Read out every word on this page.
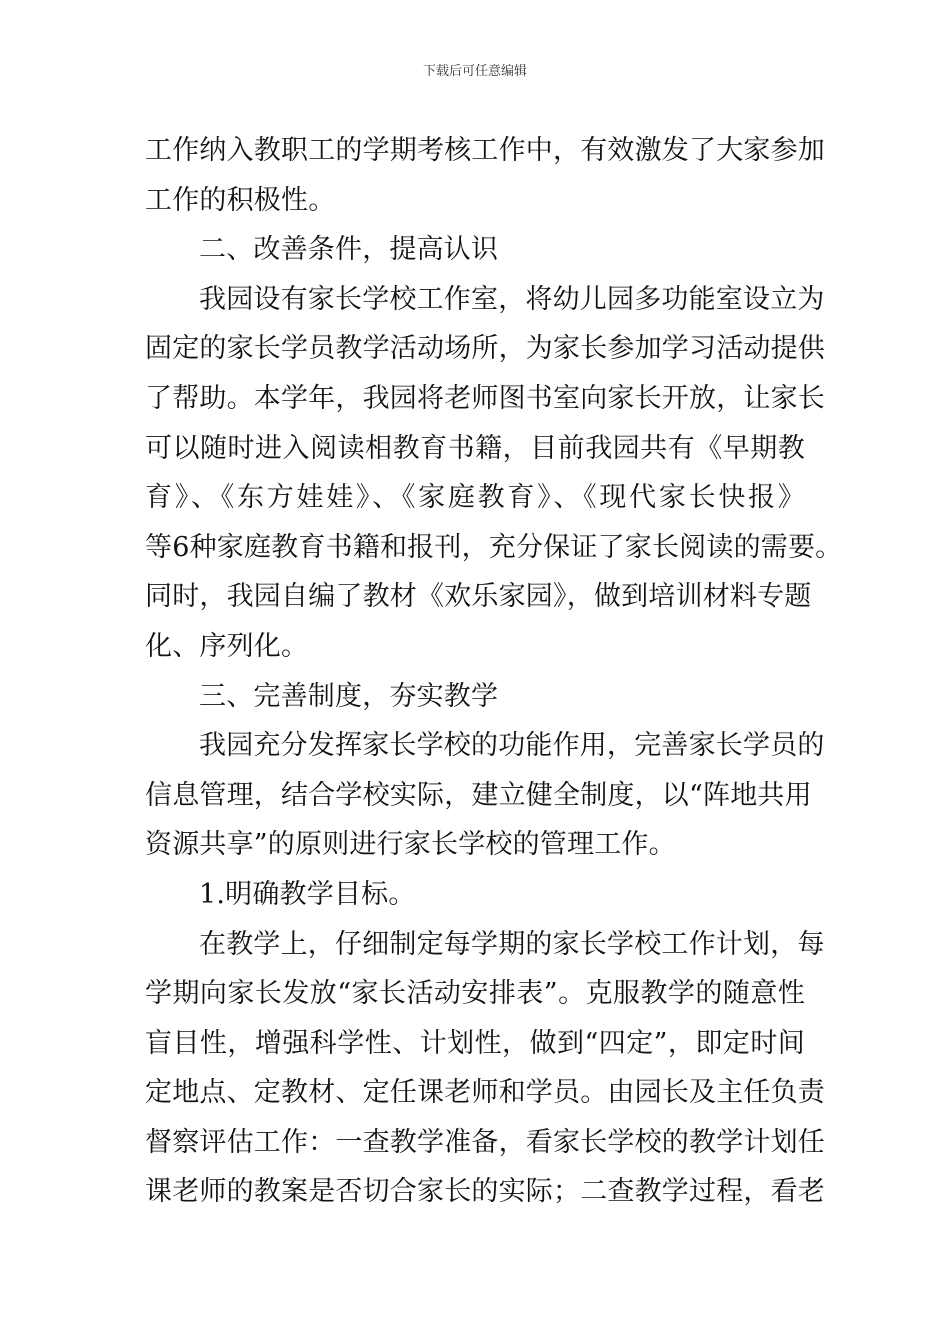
下载后可任意编辑
工作纳入教职工的学期考核工作中，有效激发了大家参加
工作的积极性。
二、改善条件，提高认识
我园设有家长学校工作室，将幼儿园多功能室设立为
固定的家长学员教学活动场所，为家长参加学习活动提供
了帮助。本学年，我园将老师图书室向家长开放，让家长
可以随时进入阅读相教育书籍，目前我园共有《早期教
育》、《东方娃娃》、《家庭教育》、《现代家长快报》
等6种家庭教育书籍和报刊，充分保证了家长阅读的需要。
同时，我园自编了教材《欢乐家园》，做到培训材料专题
化、序列化。
三、完善制度，夯实教学
我园充分发挥家长学校的功能作用，完善家长学员的
信息管理，结合学校实际，建立健全制度，以“阵地共用
资源共享”的原则进行家长学校的管理工作。
1.明确教学目标。
在教学上，仔细制定每学期的家长学校工作计划，每
学期向家长发放“家长活动安排表”。克服教学的随意性
盲目性，增强科学性、计划性，做到“四定”，即定时间
定地点、定教材、定任课老师和学员。由园长及主任负责
督察评估工作：一查教学准备，看家长学校的教学计划任
课老师的教案是否切合家长的实际；二查教学过程，看老
